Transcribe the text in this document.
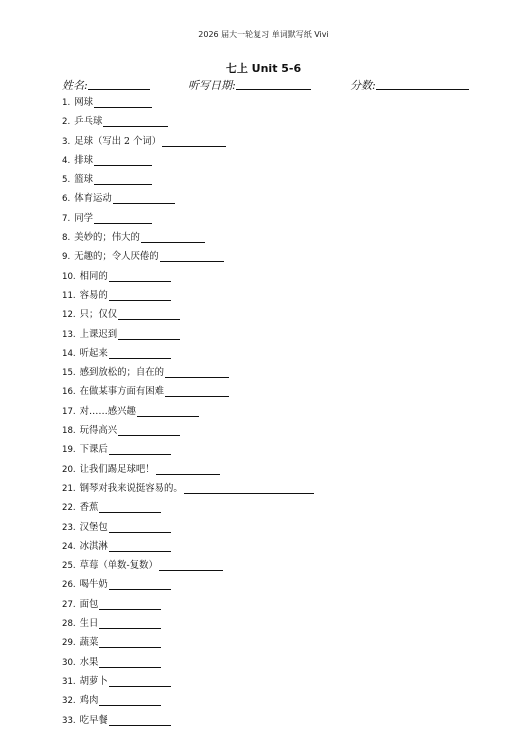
2026 届大一轮复习 单词默写纸 Vivi
七上 Unit 5-6
姓名:	听写日期:	分数:
1. 网球
2. 乒乓球
3. 足球（写出 2 个词）
4. 排球
5. 篮球
6. 体育运动
7. 同学
8. 美妙的；伟大的
9. 无趣的；令人厌倦的
10. 相同的
11. 容易的
12. 只；仅仅
13. 上课迟到
14. 听起来
15. 感到放松的；自在的
16. 在做某事方面有困难
17. 对……感兴趣
18. 玩得高兴
19. 下课后
20. 让我们踢足球吧！
21. 钢琴对我来说挺容易的。
22. 香蕉
23. 汉堡包
24. 冰淇淋
25. 草莓（单数-复数）
26. 喝牛奶
27. 面包
28. 生日
29. 蔬菜
30. 水果
31. 胡萝卜
32. 鸡肉
33. 吃早餐
